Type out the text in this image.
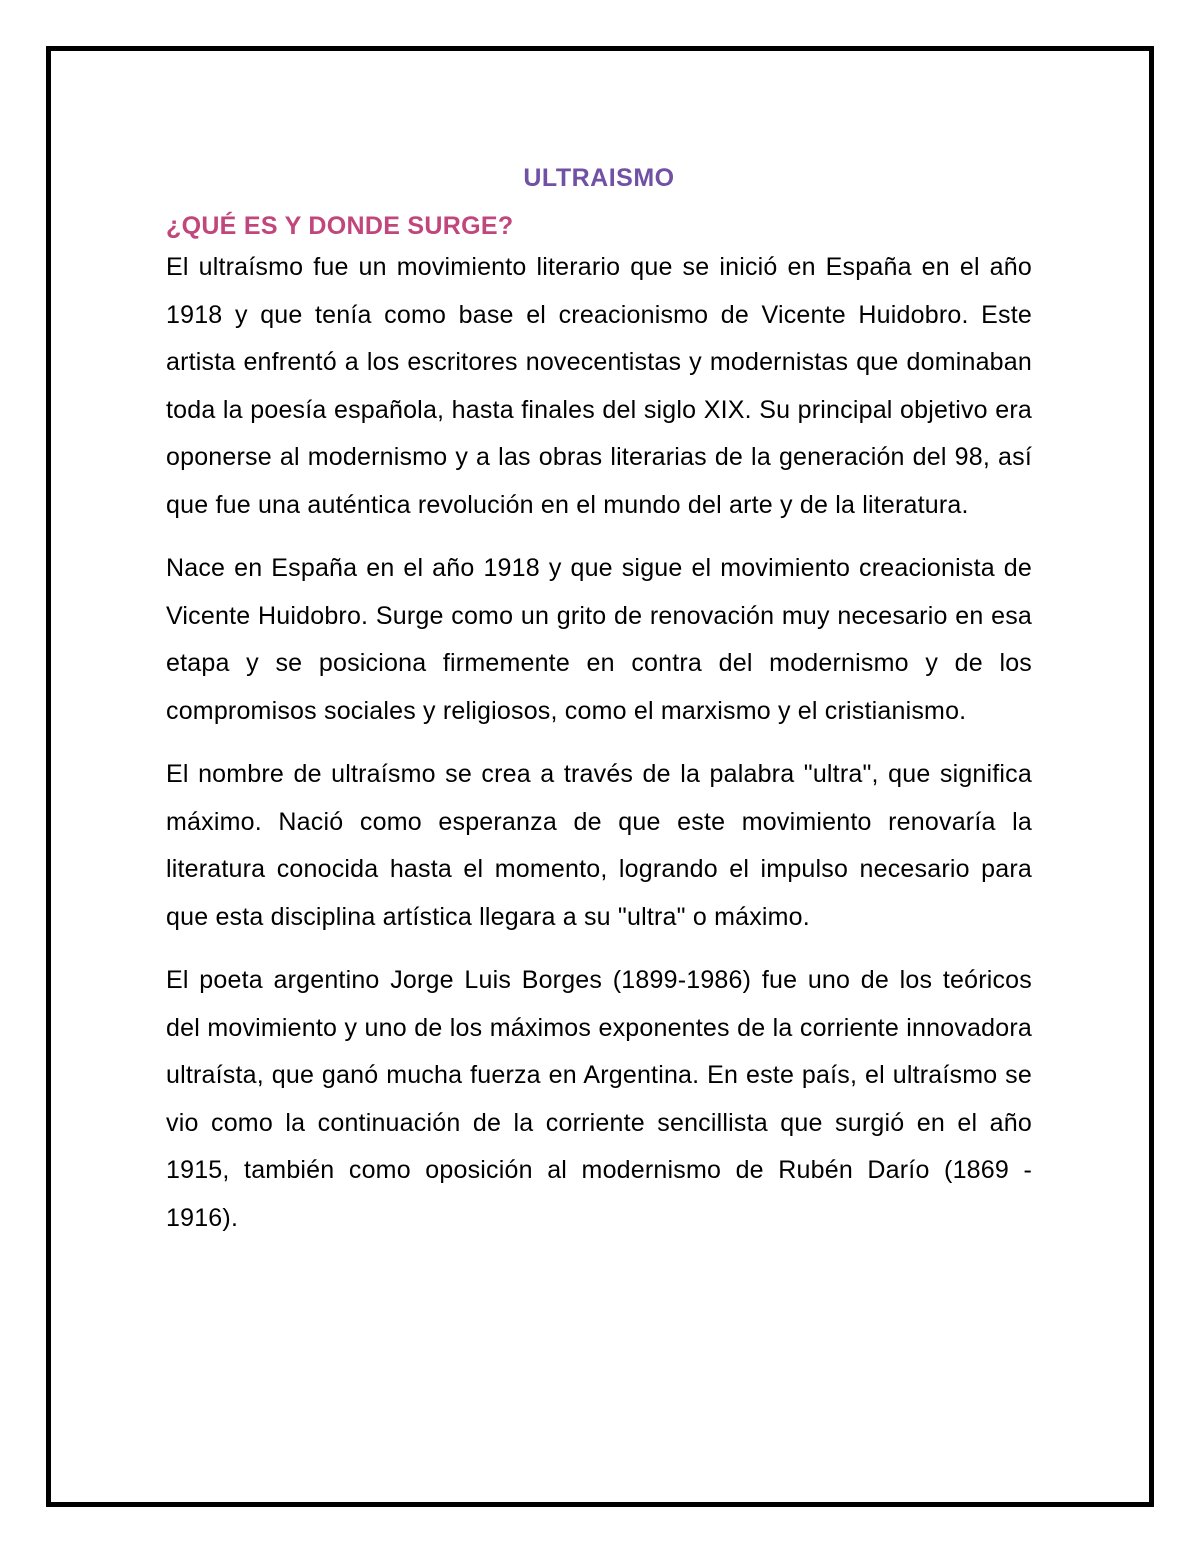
ULTRAISMO
¿QUÉ ES Y DONDE SURGE?

El ultraísmo fue un movimiento literario que se inició en España en el año 1918 y que tenía como base el creacionismo de Vicente Huidobro. Este artista enfrentó a los escritores novecentistas y modernistas que dominaban toda la poesía española, hasta finales del siglo XIX. Su principal objetivo era oponerse al modernismo y a las obras literarias de la generación del 98, así que fue una auténtica revolución en el mundo del arte y de la literatura.

Nace en España en el año 1918 y que sigue el movimiento creacionista de Vicente Huidobro. Surge como un grito de renovación muy necesario en esa etapa y se posiciona firmemente en contra del modernismo y de los compromisos sociales y religiosos, como el marxismo y el cristianismo.

El nombre de ultraísmo se crea a través de la palabra "ultra", que significa máximo. Nació como esperanza de que este movimiento renovaría la literatura conocida hasta el momento, logrando el impulso necesario para que esta disciplina artística llegara a su "ultra" o máximo.

El poeta argentino Jorge Luis Borges (1899-1986) fue uno de los teóricos del movimiento y uno de los máximos exponentes de la corriente innovadora ultraísta, que ganó mucha fuerza en Argentina. En este país, el ultraísmo se vio como la continuación de la corriente sencillista que surgió en el año 1915, también como oposición al modernismo de Rubén Darío (1869 - 1916).
